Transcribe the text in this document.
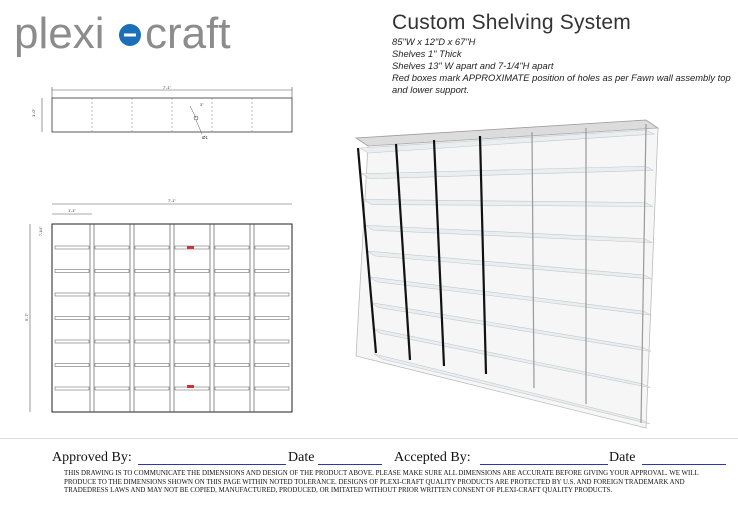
plexi craft	Custom Shelving System
85"W x 12"D x 67"H
Shelves 1" Thick
Shelves 13" W apart and 7-1/4"H apart
Red boxes mark APPROXIMATE position of holes as per Fawn wall assembly top and lower support.
7'-1"
1'-0"
3"
Ø1
7'-1"
1'-1"
5'-7"
7-1/4"
Approved By:	Date	Accepted By:	Date
THIS DRAWING IS TO COMMUNICATE THE DIMENSIONS AND DESIGN OF THE PRODUCT ABOVE. PLEASE MAKE SURE ALL DIMENSIONS ARE ACCURATE BEFORE GIVING YOUR APPROVAL. WE WILL PRODUCE TO THE DIMENSIONS SHOWN ON THIS PAGE WITHIN NOTED TOLERANCE. DESIGNS OF PLEXI-CRAFT QUALITY PRODUCTS ARE PROTECTED BY U.S. AND FOREIGN TRADEMARK AND TRADEDRESS LAWS AND MAY NOT BE COPIED, MANUFACTURED, PRODUCED, OR IMITATED WITHOUT PRIOR WRITTEN CONSENT OF PLEXI-CRAFT QUALITY PRODUCTS.
